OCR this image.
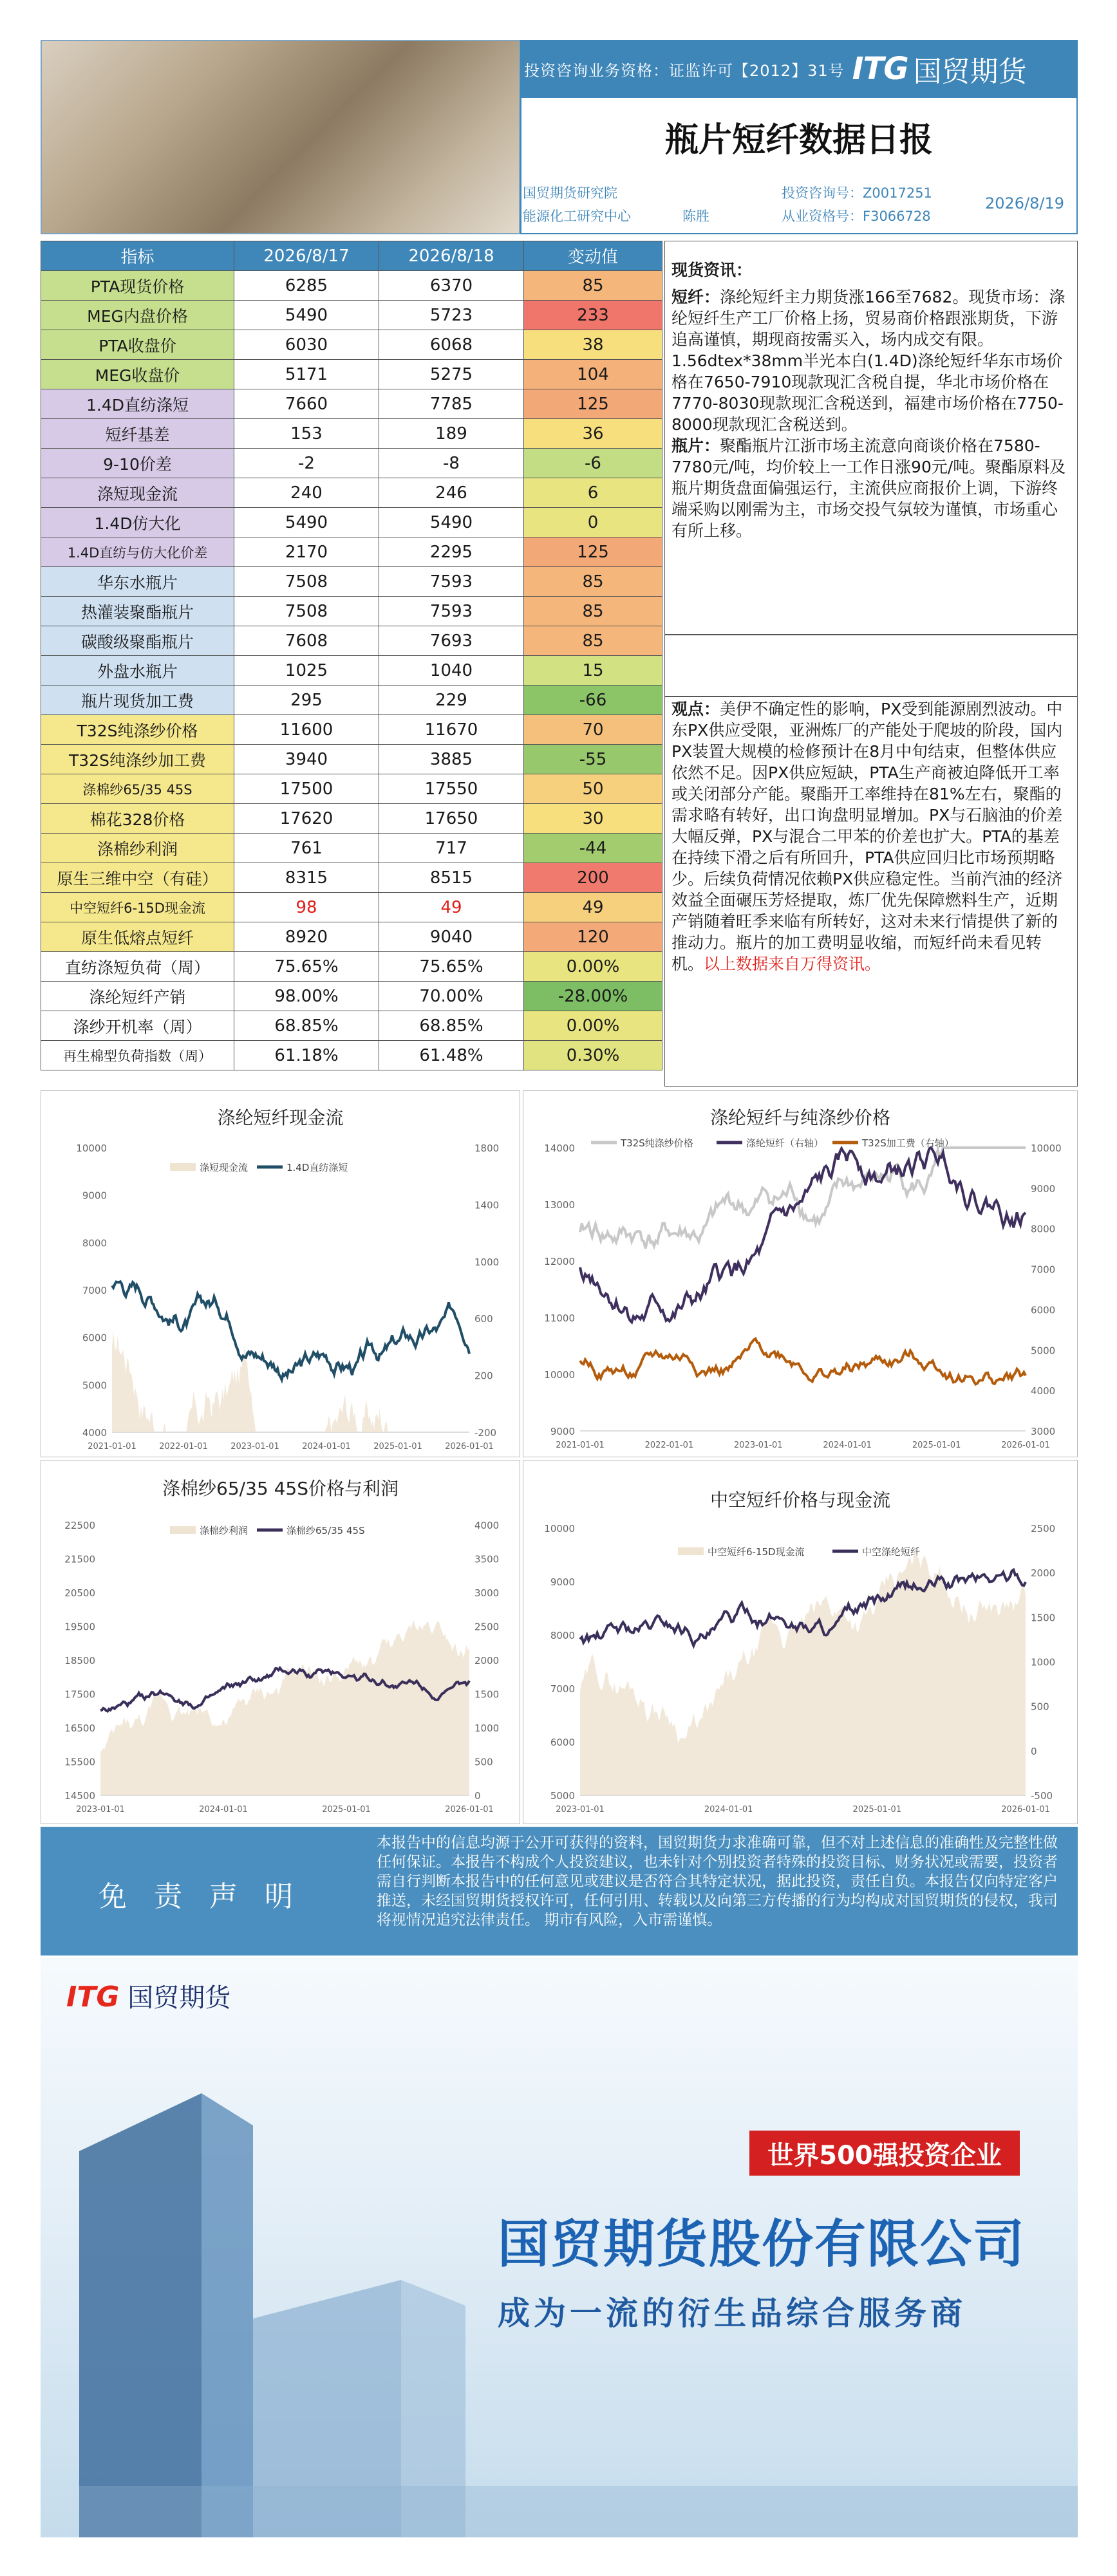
投资咨询业务资格：证监许可【2012】31号 ITG 国贸期货
瓶片短纤数据日报
国贸期货研究院
能源化工研究中心	陈胜
投资咨询号：Z0017251
从业资格号：F3066728
2026/8/19
指标	2026/8/17	2026/8/18	变动值
PTA现货价格	6285	6370	85
MEG内盘价格	5490	5723	233
PTA收盘价	6030	6068	38
MEG收盘价	5171	5275	104
1.4D直纺涤短	7660	7785	125
短纤基差	153	189	36
9-10价差	-2	-8	-6
涤短现金流	240	246	6
1.4D仿大化	5490	5490	0
1.4D直纺与仿大化价差	2170	2295	125
华东水瓶片	7508	7593	85
热灌装聚酯瓶片	7508	7593	85
碳酸级聚酯瓶片	7608	7693	85
外盘水瓶片	1025	1040	15
瓶片现货加工费	295	229	-66
T32S纯涤纱价格	11600	11670	70
T32S纯涤纱加工费	3940	3885	-55
涤棉纱65/35 45S	17500	17550	50
棉花328价格	17620	17650	30
涤棉纱利润	761	717	-44
原生三维中空（有硅）	8315	8515	200
中空短纤6-15D现金流	98	49	49
原生低熔点短纤	8920	9040	120
直纺涤短负荷（周）	75.65%	75.65%	0.00%
涤纶短纤产销	98.00%	70.00%	-28.00%
涤纱开机率（周）	68.85%	68.85%	0.00%
再生棉型负荷指数（周）	61.18%	61.48%	0.30%
现货资讯：
短纤：涤纶短纤主力期货涨166至7682。现货市场：涤纶短纤生产工厂价格上扬，贸易商价格跟涨期货，下游追高谨慎，期现商按需买入，场内成交有限。1.56dtex*38mm半光本白(1.4D)涤纶短纤华东市场价格在7650-7910现款现汇含税自提，华北市场价格在7770-8030现款现汇含税送到，福建市场价格在7750-8000现款现汇含税送到。
瓶片：聚酯瓶片江浙市场主流意向商谈价格在7580-7780元/吨，均价较上一工作日涨90元/吨。聚酯原料及瓶片期货盘面偏强运行，主流供应商报价上调，下游终端采购以刚需为主，市场交投气氛较为谨慎，市场重心有所上移。
观点：美伊不确定性的影响，PX受到能源剧烈波动。中东PX供应受限，亚洲炼厂的产能处于爬坡的阶段，国内PX装置大规模的检修预计在8月中旬结束，但整体供应依然不足。因PX供应短缺，PTA生产商被迫降低开工率或关闭部分产能。聚酯开工率维持在81%左右，聚酯的需求略有转好，出口询盘明显增加。PX与石脑油的价差大幅反弹，PX与混合二甲苯的价差也扩大。PTA的基差在持续下滑之后有所回升，PTA供应回归比市场预期略少。后续负荷情况依赖PX供应稳定性。当前汽油的经济效益全面碾压芳烃提取，炼厂优先保障燃料生产，近期产销随着旺季来临有所转好，这对未来行情提供了新的推动力。瓶片的加工费明显收缩，而短纤尚未看见转机。以上数据来自万得资讯。
涤纶短纤现金流
10000
9000
8000
7000
6000
5000
4000
1800
1400
1000
600
200
-200
2021-01-01	2022-01-01	2023-01-01	2024-01-01	2025-01-01	2026-01-01
涤短现金流	1.4D直纺涤短
涤纶短纤与纯涤纱价格
14000
13000
12000
11000
10000
9000
10000
9000
8000
7000
6000
5000
4000
3000
2021-01-01	2022-01-01	2023-01-01	2024-01-01	2025-01-01	2026-01-01
T32S纯涤纱价格	涤纶短纤（右轴）	T32S加工费（右轴）
涤棉纱65/35 45S价格与利润
22500
21500
20500
19500
18500
17500
16500
15500
14500
4000
3500
3000
2500
2000
1500
1000
500
0
2023-01-01	2024-01-01	2025-01-01	2026-01-01
涤棉纱利润	涤棉纱65/35 45S
中空短纤价格与现金流
10000
9000
8000
7000
6000
5000
2500
2000
1500
1000
500
0
-500
2023-01-01	2024-01-01	2025-01-01	2026-01-01
中空短纤6-15D现金流	中空涤纶短纤
免 责 声 明
本报告中的信息均源于公开可获得的资料，国贸期货力求准确可靠，但不对上述信息的准确性及完整性做任何保证。本报告不构成个人投资建议，也未针对个别投资者特殊的投资目标、财务状况或需要，投资者需自行判断本报告中的任何意见或建议是否符合其特定状况，据此投资，责任自负。本报告仅向特定客户推送，未经国贸期货授权许可，任何引用、转载以及向第三方传播的行为均构成对国贸期货的侵权，我司将视情况追究法律责任。 期市有风险，入市需谨慎。
ITG 国贸期货
世界500强投资企业
国贸期货股份有限公司
成为一流的衍生品综合服务商
